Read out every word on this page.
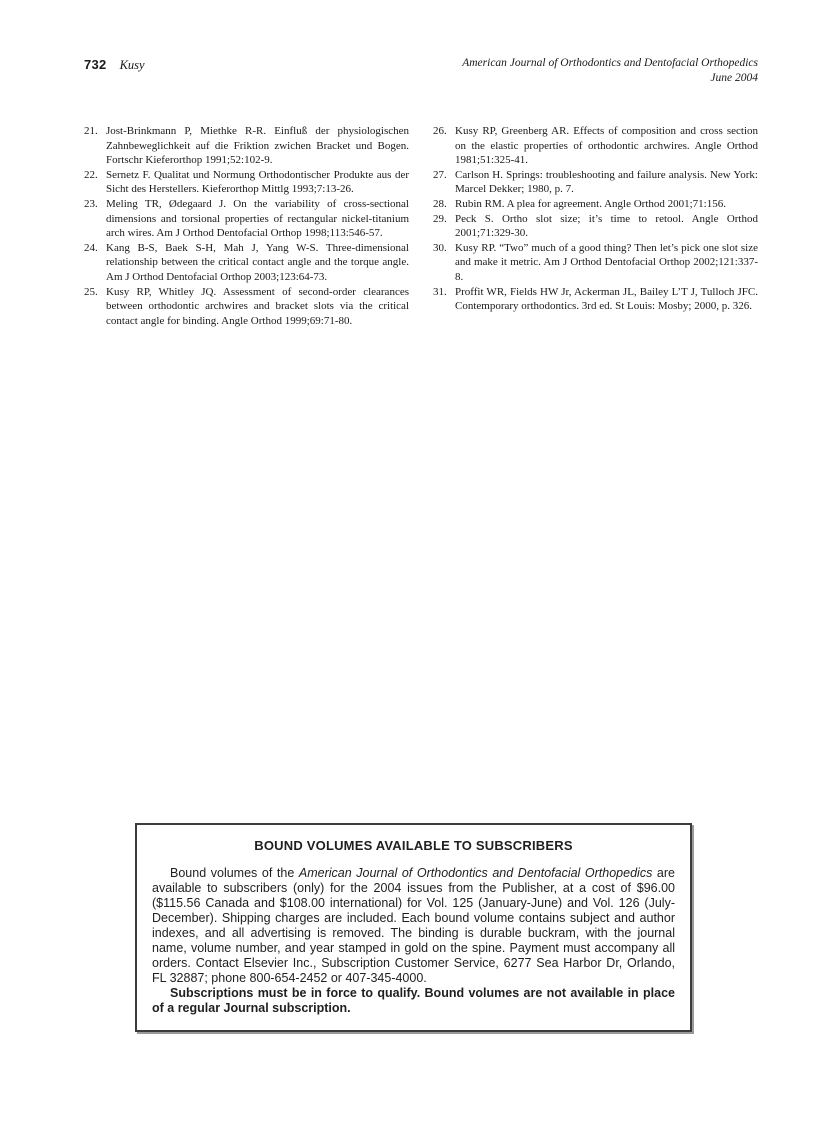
732 Kusy	American Journal of Orthodontics and Dentofacial Orthopedics
June 2004
21. Jost-Brinkmann P, Miethke R-R. Einfluß der physiologischen Zahnbeweglichkeit auf die Friktion zwichen Bracket und Bogen. Fortschr Kieferorthop 1991;52:102-9.
22. Sernetz F. Qualitat und Normung Orthodontischer Produkte aus der Sicht des Herstellers. Kieferorthop Mittlg 1993;7:13-26.
23. Meling TR, Ødegaard J. On the variability of cross-sectional dimensions and torsional properties of rectangular nickel-titanium arch wires. Am J Orthod Dentofacial Orthop 1998;113:546-57.
24. Kang B-S, Baek S-H, Mah J, Yang W-S. Three-dimensional relationship between the critical contact angle and the torque angle. Am J Orthod Dentofacial Orthop 2003;123:64-73.
25. Kusy RP, Whitley JQ. Assessment of second-order clearances between orthodontic archwires and bracket slots via the critical contact angle for binding. Angle Orthod 1999;69:71-80.
26. Kusy RP, Greenberg AR. Effects of composition and cross section on the elastic properties of orthodontic archwires. Angle Orthod 1981;51:325-41.
27. Carlson H. Springs: troubleshooting and failure analysis. New York: Marcel Dekker; 1980, p. 7.
28. Rubin RM. A plea for agreement. Angle Orthod 2001;71:156.
29. Peck S. Ortho slot size; it’s time to retool. Angle Orthod 2001;71:329-30.
30. Kusy RP. “Two” much of a good thing? Then let’s pick one slot size and make it metric. Am J Orthod Dentofacial Orthop 2002;121:337-8.
31. Proffit WR, Fields HW Jr, Ackerman JL, Bailey L’T J, Tulloch JFC. Contemporary orthodontics. 3rd ed. St Louis: Mosby; 2000, p. 326.
BOUND VOLUMES AVAILABLE TO SUBSCRIBERS

Bound volumes of the American Journal of Orthodontics and Dentofacial Orthopedics are available to subscribers (only) for the 2004 issues from the Publisher, at a cost of $96.00 ($115.56 Canada and $108.00 international) for Vol. 125 (January-June) and Vol. 126 (July-December). Shipping charges are included. Each bound volume contains subject and author indexes, and all advertising is removed. The binding is durable buckram, with the journal name, volume number, and year stamped in gold on the spine. Payment must accompany all orders. Contact Elsevier Inc., Subscription Customer Service, 6277 Sea Harbor Dr, Orlando, FL 32887; phone 800-654-2452 or 407-345-4000.

Subscriptions must be in force to qualify. Bound volumes are not available in place of a regular Journal subscription.
